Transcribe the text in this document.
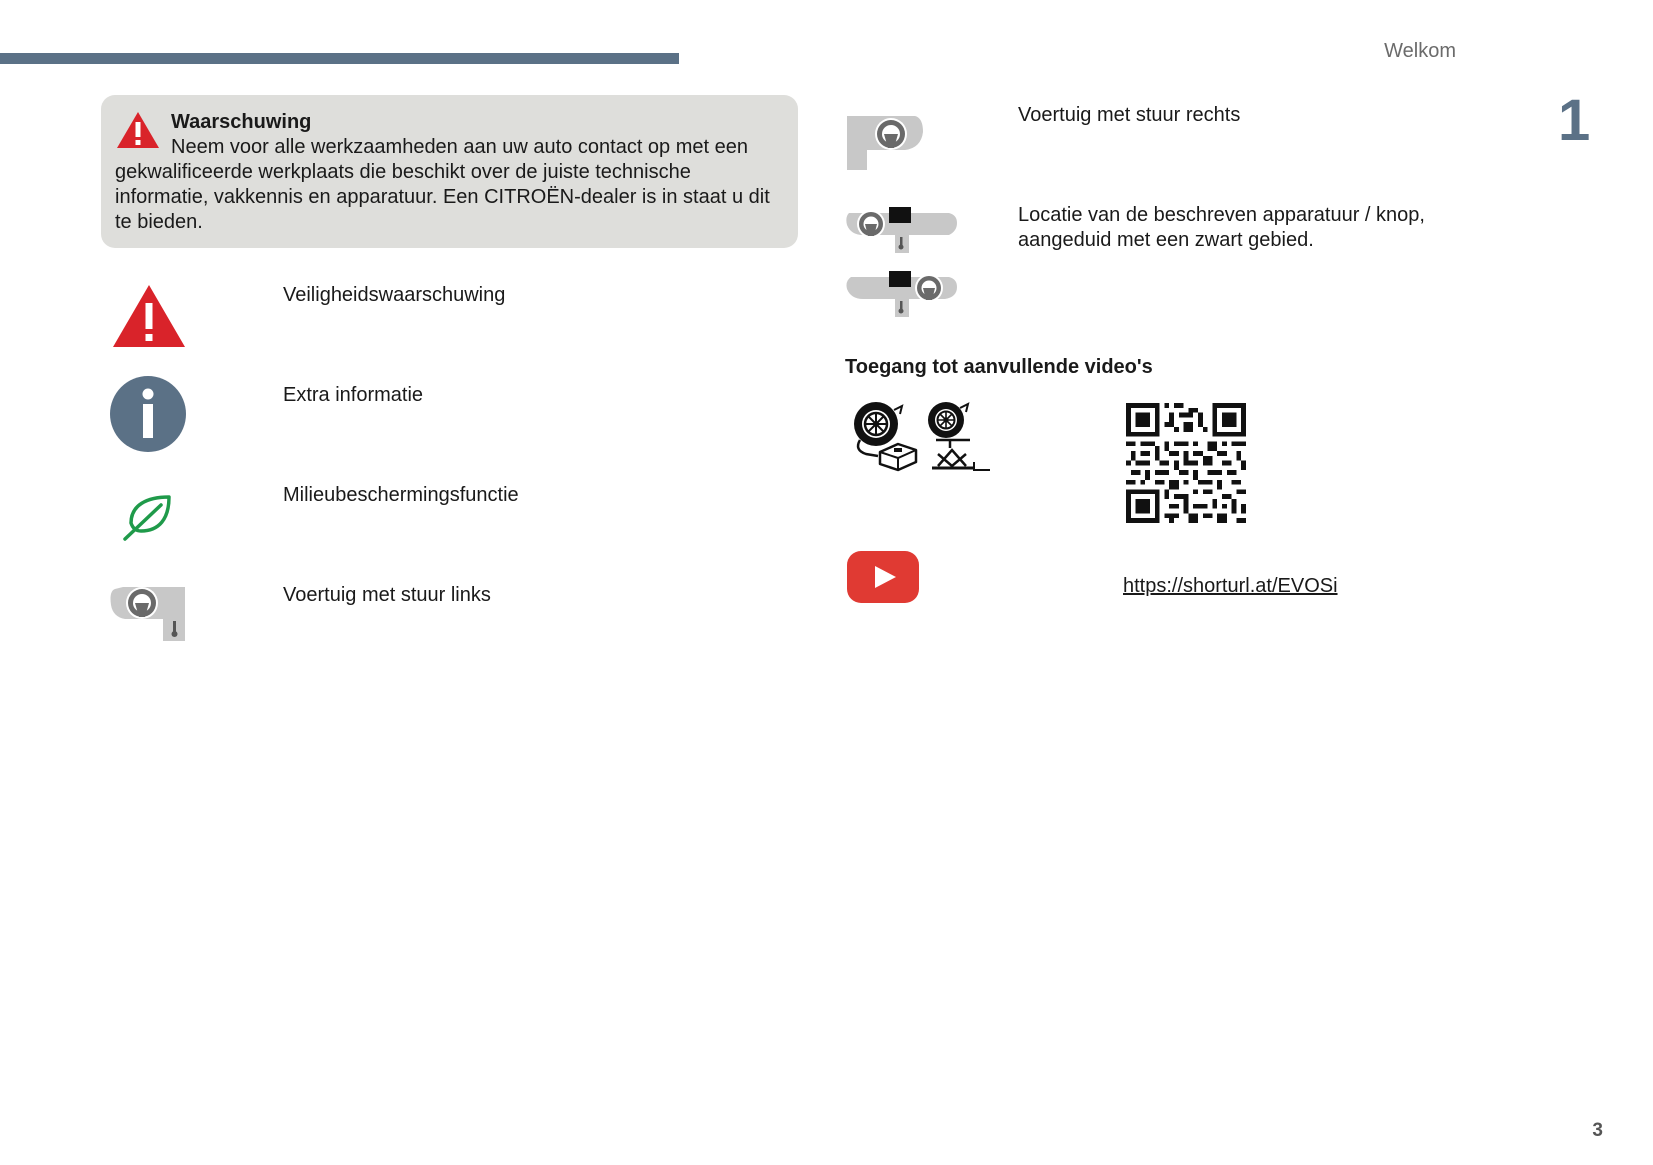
Welkom
1
Waarschuwing
Neem voor alle werkzaamheden aan uw auto contact op met een gekwalificeerde werkplaats die beschikt over de juiste technische informatie, vakkennis en apparatuur. Een CITROËN-dealer is in staat u dit te bieden.
Veiligheidswaarschuwing
Extra informatie
Milieubeschermingsfunctie
Voertuig met stuur links
Voertuig met stuur rechts
Locatie van de beschreven apparatuur / knop, aangeduid met een zwart gebied.
Toegang tot aanvullende video's
https://shorturl.at/EVOSi
3
